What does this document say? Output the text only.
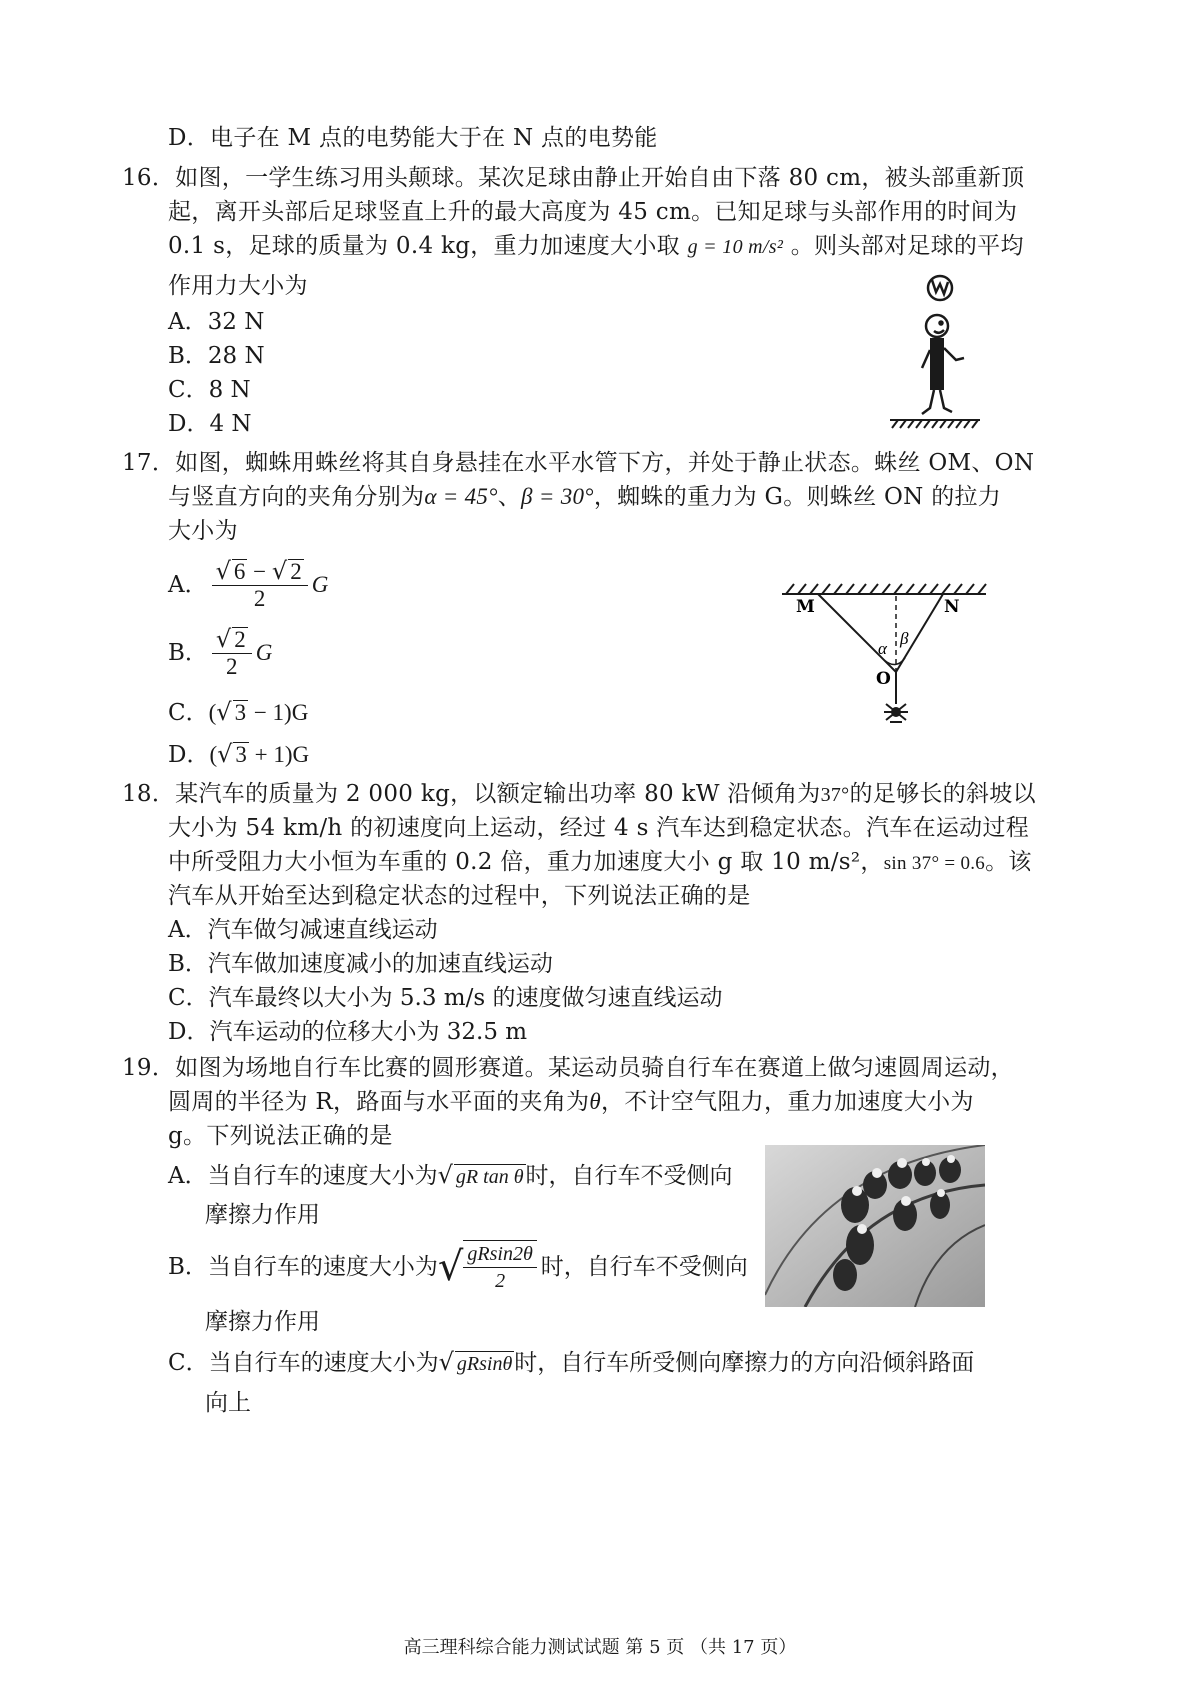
D．电子在 M 点的电势能大于在 N 点的电势能
16．如图，一学生练习用头颠球。某次足球由静止开始自由下落 80 cm，被头部重新顶
起，离开头部后足球竖直上升的最大高度为 45 cm。已知足球与头部作用的时间为
0.1 s，足球的质量为 0.4 kg，重力加速度大小取 g = 10 m/s² 。则头部对足球的平均
作用力大小为
A．32 N
B．28 N
C．8 N
D．4 N
17．如图，蜘蛛用蛛丝将其自身悬挂在水平水管下方，并处于静止状态。蛛丝 OM、ON
与竖直方向的夹角分别为α = 45°、β = 30°，蜘蛛的重力为 G。则蛛丝 ON 的拉力
大小为
A． $\frac{√ 6 - √ 2}{2}$ G
B． $\frac{√ 2}{2}$ G
C．(√ 3 − 1)G
D．(√ 3 + 1)G
M	N
O
α
β
18．某汽车的质量为 2 000 kg，以额定输出功率 80 kW 沿倾角为37°的足够长的斜坡以
大小为 54 km/h 的初速度向上运动，经过 4 s 汽车达到稳定状态。汽车在运动过程
中所受阻力大小恒为车重的 0.2 倍，重力加速度大小 g 取 10 m/s²，sin 37° = 0.6。该
汽车从开始至达到稳定状态的过程中，下列说法正确的是
A．汽车做匀减速直线运动
B．汽车做加速度减小的加速直线运动
C．汽车最终以大小为 5.3 m/s 的速度做匀速直线运动
D．汽车运动的位移大小为 32.5 m
19．如图为场地自行车比赛的圆形赛道。某运动员骑自行车在赛道上做匀速圆周运动，
圆周的半径为 R，路面与水平面的夹角为θ，不计空气阻力，重力加速度大小为
g。下列说法正确的是
A．当自行车的速度大小为√ gR tan θ时，自行车不受侧向
摩擦力作用
B．当自行车的速度大小为√ $\frac{gRsin2\theta}{2}$ 时，自行车不受侧向
摩擦力作用
C．当自行车的速度大小为√ gRsinθ时，自行车所受侧向摩擦力的方向沿倾斜路面
向上
高三理科综合能力测试试题 第 5 页 （共 17 页）
